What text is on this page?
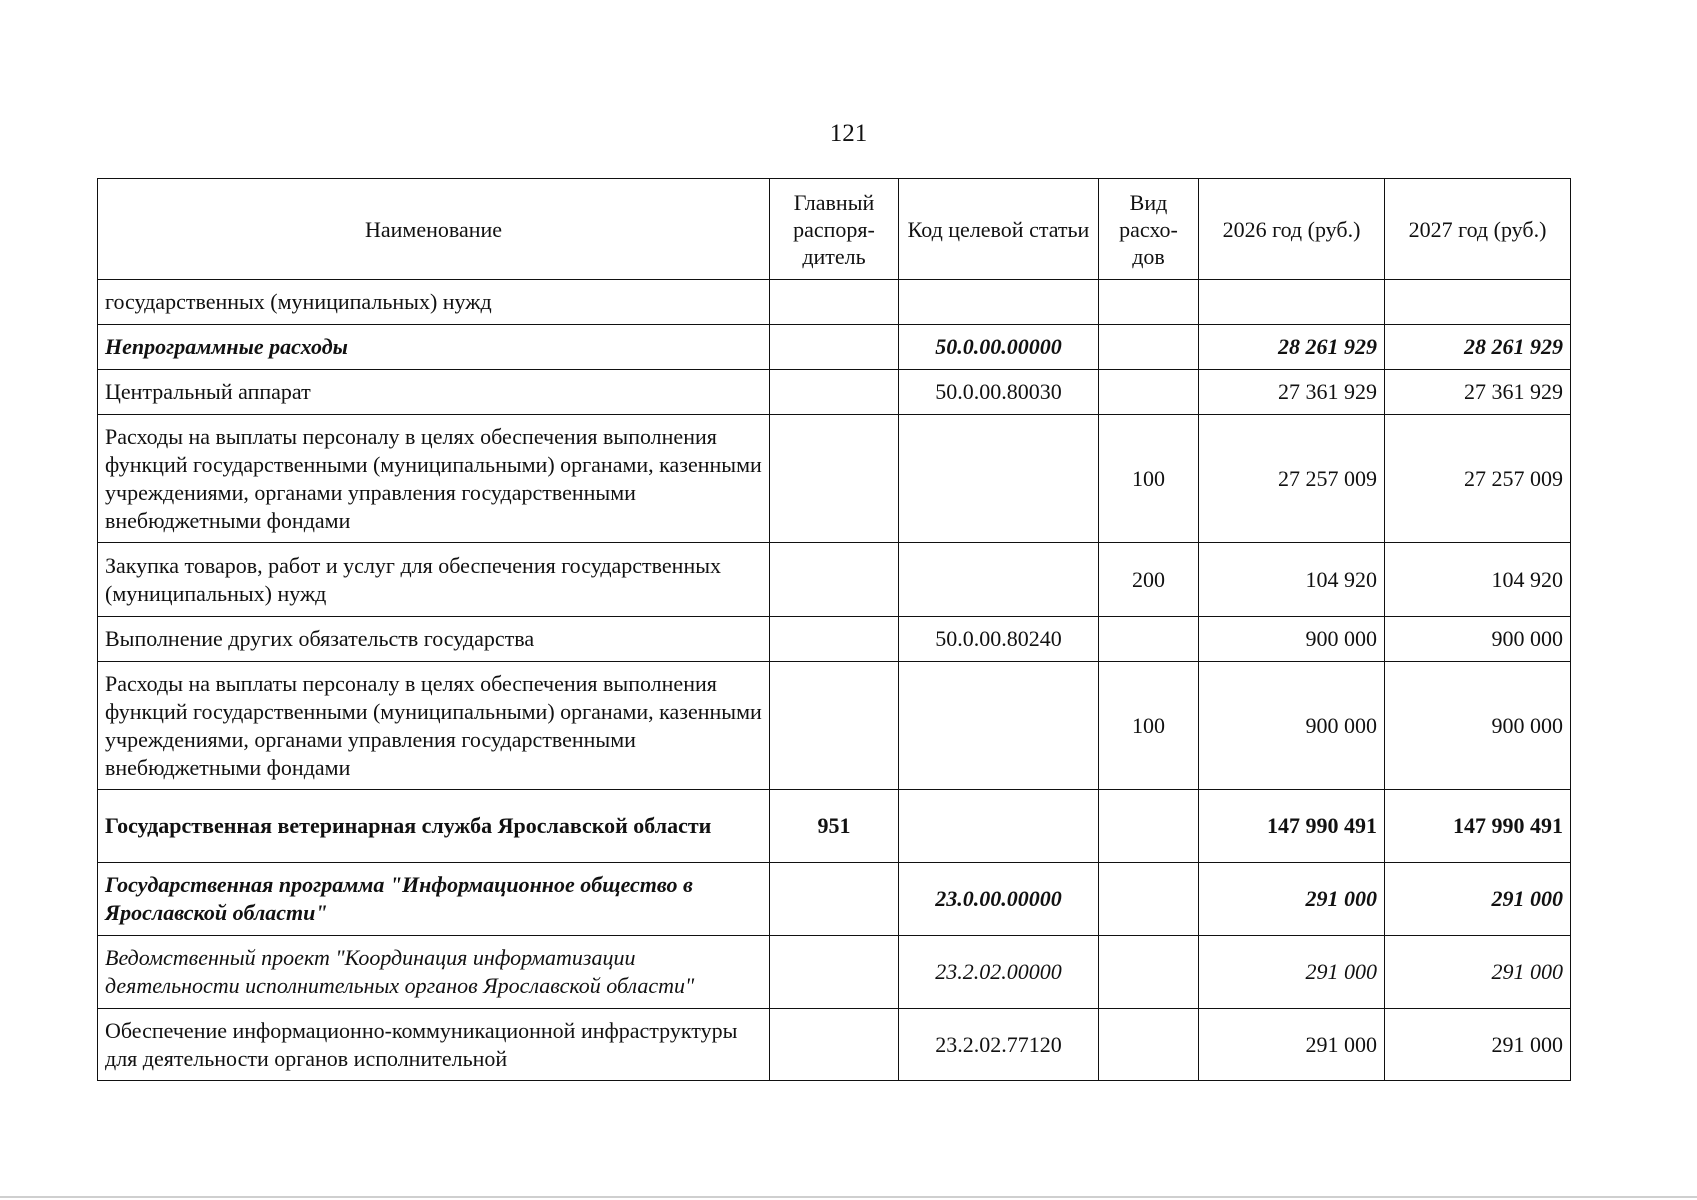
121
Наименование	Главный распоря-дитель	Код целевой статьи	Вид расхо-дов	2026 год (руб.)	2027 год (руб.)
государственных (муниципальных) нужд					
Непрограммные расходы		50.0.00.00000		28 261 929	28 261 929
Центральный аппарат		50.0.00.80030		27 361 929	27 361 929
Расходы на выплаты персоналу в целях обеспечения выполнения функций государственными (муниципальными) органами, казенными учреждениями, органами управления государственными внебюджетными фондами			100	27 257 009	27 257 009
Закупка товаров, работ и услуг для обеспечения государственных (муниципальных) нужд			200	104 920	104 920
Выполнение других обязательств государства		50.0.00.80240		900 000	900 000
Расходы на выплаты персоналу в целях обеспечения выполнения функций государственными (муниципальными) органами, казенными учреждениями, органами управления государственными внебюджетными фондами			100	900 000	900 000
Государственная ветеринарная служба Ярославской области	951			147 990 491	147 990 491
Государственная программа "Информационное общество в Ярославской области"		23.0.00.00000		291 000	291 000
Ведомственный проект "Координация информатизации деятельности исполнительных органов Ярославской области"		23.2.02.00000		291 000	291 000
Обеспечение информационно-коммуникационной инфраструктуры для деятельности органов исполнительной		23.2.02.77120		291 000	291 000
